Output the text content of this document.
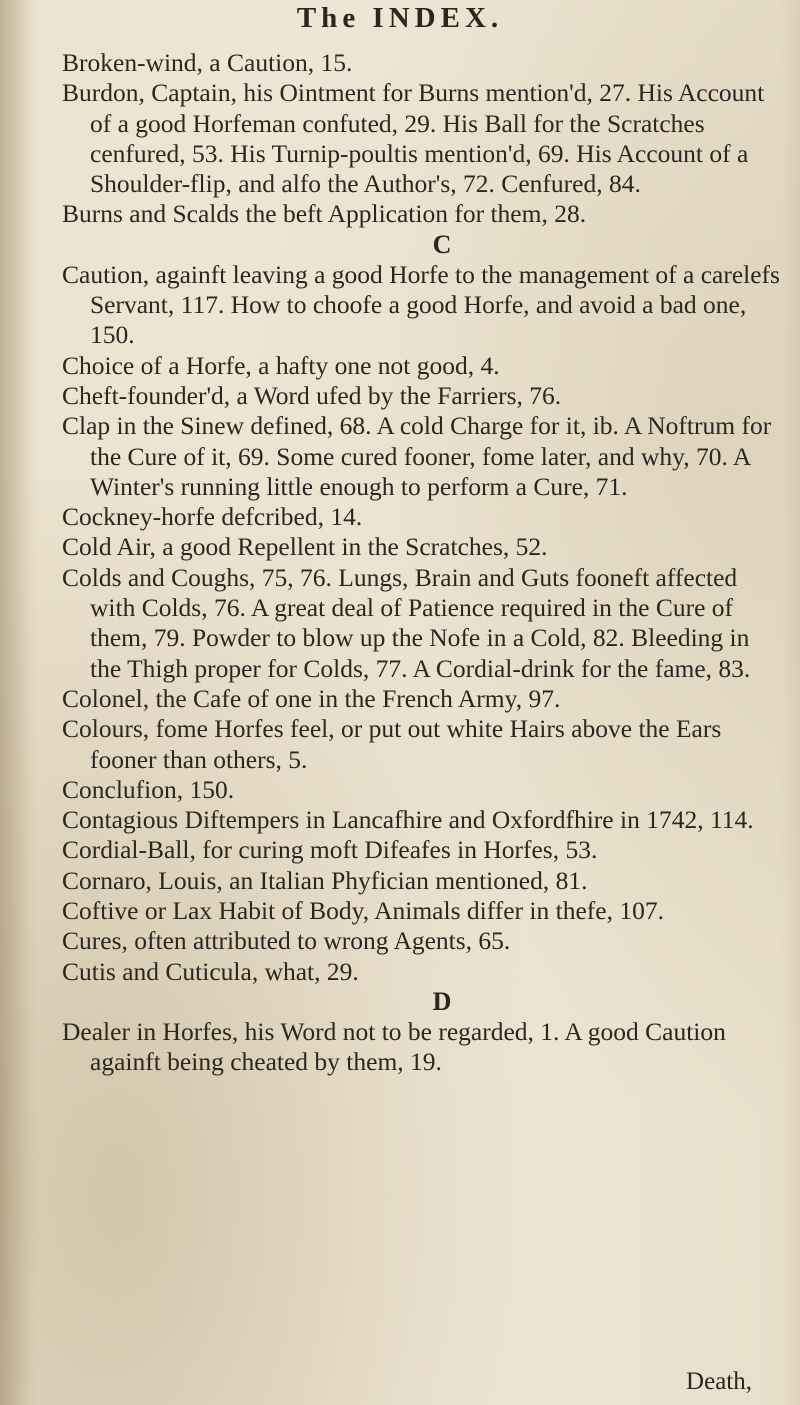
The INDEX.

Broken-wind, a Caution, 15.

Burdon, Captain, his Ointment for Burns mention'd, 27. His Account of a good Horfeman confuted, 29. His Ball for the Scratches cenfured, 53. His Turnip-poultis mention'd, 69. His Account of a Shoulder-flip, and alfo the Author's, 72. Cenfured, 84.

Burns and Scalds the beft Application for them, 28.

C

Caution, againft leaving a good Horfe to the management of a carelefs Servant, 117. How to choofe a good Horfe, and avoid a bad one, 150.

Choice of a Horfe, a hafty one not good, 4.

Cheft-founder'd, a Word ufed by the Farriers, 76.

Clap in the Sinew defined, 68. A cold Charge for it, ib. A Noftrum for the Cure of it, 69. Some cured fooner, fome later, and why, 70. A Winter's running little enough to perform a Cure, 71.

Cockney-horfe defcribed, 14.

Cold Air, a good Repellent in the Scratches, 52.

Colds and Coughs, 75, 76. Lungs, Brain and Guts fooneft affected with Colds, 76. A great deal of Patience required in the Cure of them, 79. Powder to blow up the Nofe in a Cold, 82. Bleeding in the Thigh proper for Colds, 77. A Cordial-drink for the fame, 83.

Colonel, the Cafe of one in the French Army, 97.

Colours, fome Horfes feel, or put out white Hairs above the Ears fooner than others, 5.

Conclufion, 150.

Contagious Diftempers in Lancafhire and Oxfordfhire in 1742, 114.

Cordial-Ball, for curing moft Difeafes in Horfes, 53.

Cornaro, Louis, an Italian Phyfician mentioned, 81.

Coftive or Lax Habit of Body, Animals differ in thefe, 107.

Cures, often attributed to wrong Agents, 65.

Cutis and Cuticula, what, 29.

D

Dealer in Horfes, his Word not to be regarded, 1. A good Caution againft being cheated by them, 19.

Death,
